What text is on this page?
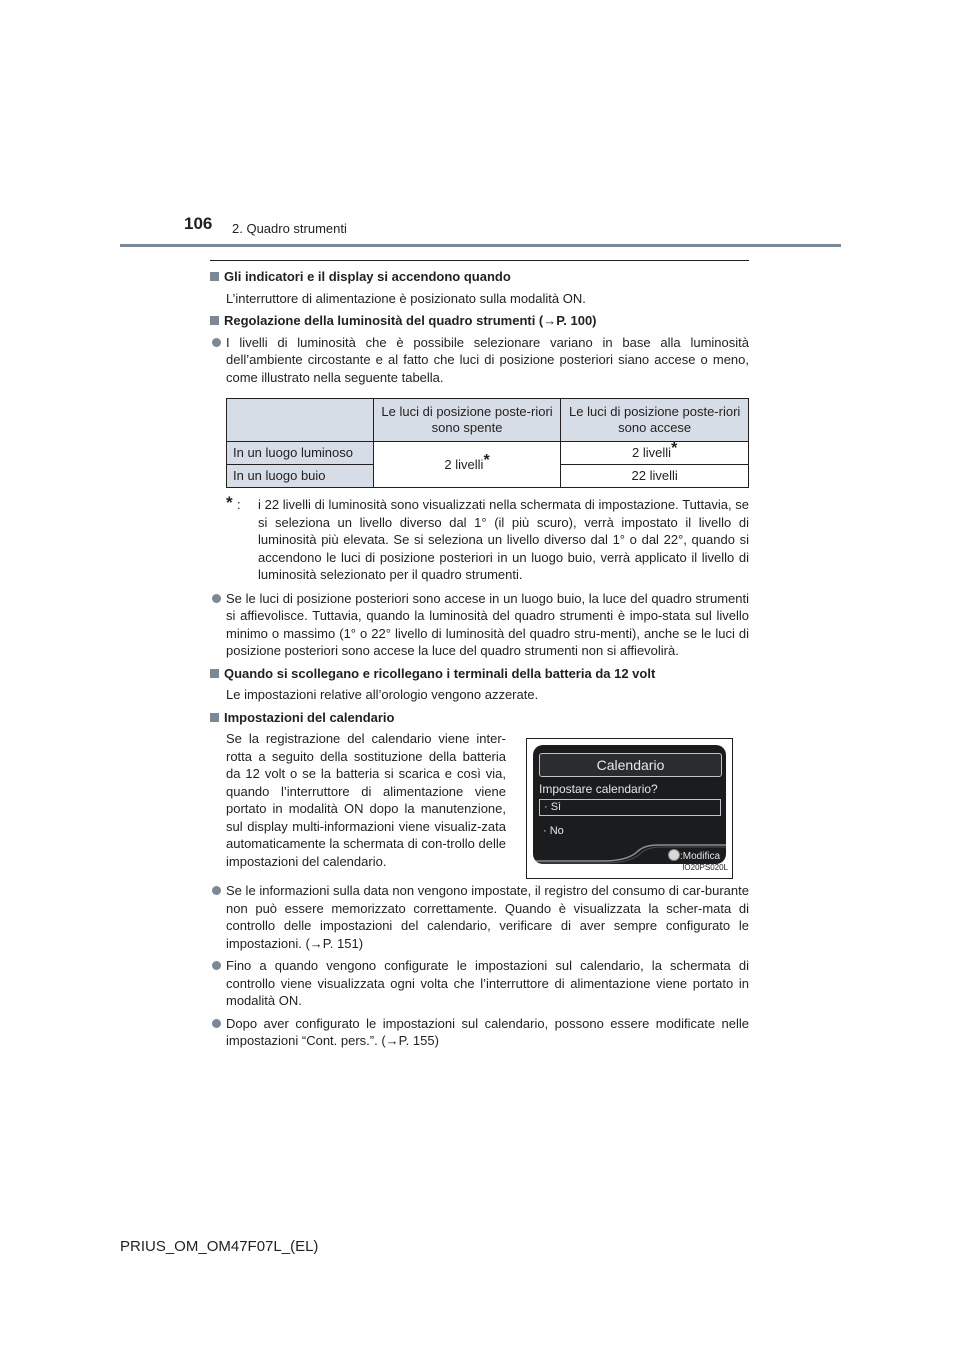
106 2. Quadro strumenti
Gli indicatori e il display si accendono quando
L’interruttore di alimentazione è posizionato sulla modalità ON.
Regolazione della luminosità del quadro strumenti (→P. 100)
I livelli di luminosità che è possibile selezionare variano in base alla luminosità dell’ambiente circostante e al fatto che luci di posizione posteriori siano accese o meno, come illustrato nella seguente tabella.
	Le luci di posizione poste-riori sono spente	Le luci di posizione poste-riori sono accese
In un luogo luminoso	2 livelli*	2 livelli*
In un luogo buio		22 livelli
* : i 22 livelli di luminosità sono visualizzati nella schermata di impostazione. Tuttavia, se si seleziona un livello diverso dal 1° (il più scuro), verrà impostato il livello di luminosità più elevata. Se si seleziona un livello diverso dal 1° o dal 22°, quando si accendono le luci di posizione posteriori in un luogo buio, verrà applicato il livello di luminosità selezionato per il quadro strumenti.
Se le luci di posizione posteriori sono accese in un luogo buio, la luce del quadro strumenti si affievolisce. Tuttavia, quando la luminosità del quadro strumenti è impo-stata sul livello minimo o massimo (1° o 22° livello di luminosità del quadro stru-menti), anche se le luci di posizione posteriori sono accese la luce del quadro strumenti non si affievolirà.
Quando si scollegano e ricollegano i terminali della batteria da 12 volt
Le impostazioni relative all’orologio vengono azzerate.
Impostazioni del calendario
Se la registrazione del calendario viene inter-rotta a seguito della sostituzione della batteria da 12 volt o se la batteria si scarica e così via, quando l’interruttore di alimentazione viene portato in modalità ON dopo la manutenzione, sul display multi-informazioni viene visualiz-zata automaticamente la schermata di con-trollo delle impostazioni del calendario.
Calendario
Impostare calendario?
· Sì
· No
:Modifica
IO20PS020L
Se le informazioni sulla data non vengono impostate, il registro del consumo di car-burante non può essere memorizzato correttamente. Quando è visualizzata la scher-mata di controllo delle impostazioni del calendario, verificare di aver sempre configurato le impostazioni. (→P. 151)
Fino a quando vengono configurate le impostazioni sul calendario, la schermata di controllo viene visualizzata ogni volta che l’interruttore di alimentazione viene portato in modalità ON.
Dopo aver configurato le impostazioni sul calendario, possono essere modificate nelle impostazioni “Cont. pers.”. (→P. 155)
PRIUS_OM_OM47F07L_(EL)
